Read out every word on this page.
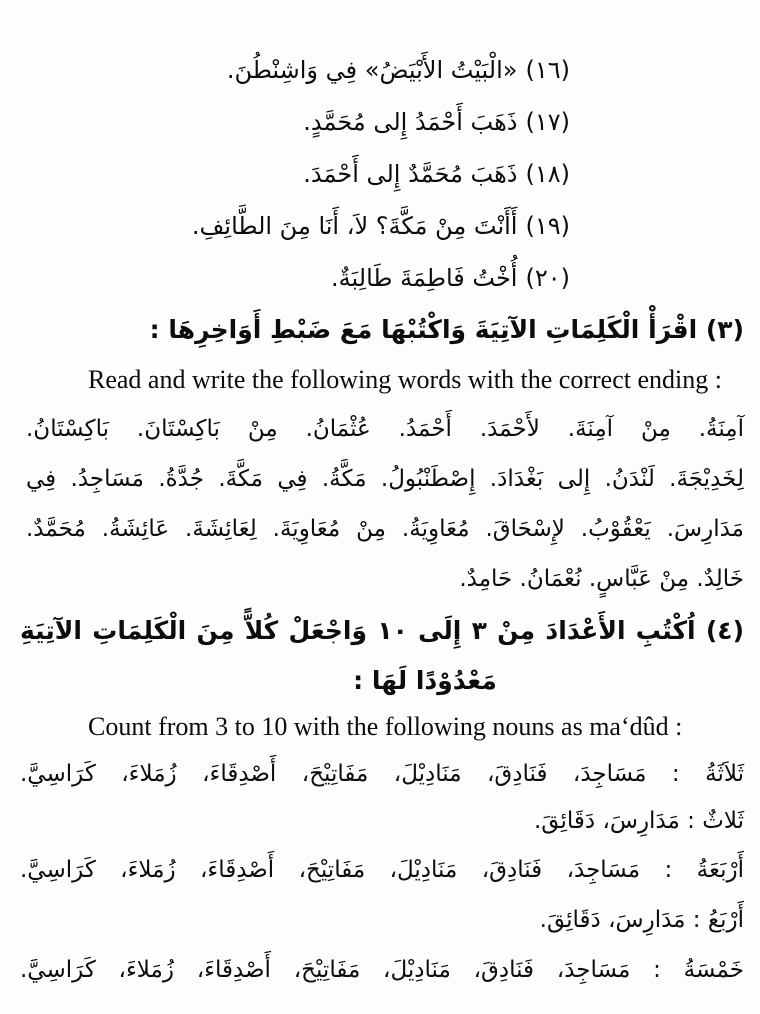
(١٦)«الْبَيْتُ الأَبْيَضُ» فِي وَاشِنْطُنَ.
(١٧)ذَهَبَ أَحْمَدُ إِلى مُحَمَّدٍ.
(١٨)ذَهَبَ مُحَمَّدٌ إِلى أَحْمَدَ.
(١٩)أَأَنْتَ مِنْ مَكَّةَ؟ لاَ، أَنَا مِنَ الطَّائِفِ.
(٢٠)أُخْتُ فَاطِمَةَ طَالِبَةٌ.
(٣) اقْرَأْ الْكَلِمَاتِ الآتِيَةَ وَاكْتُبْهَا مَعَ ضَبْطِ أَوَاخِرِهَا :
Read and write the following words with the correct ending :
آمِنَةُ. مِنْ آمِنَةَ. لأَحْمَدَ. أَحْمَدُ. عُثْمَانُ. مِنْ بَاكِسْتَانَ. بَاكِسْتَانُ.
لِخَدِيْجَةَ. لَنْدَنُ. إِلى بَغْدَادَ. إِصْطَنْبُولُ. مَكَّةُ. فِي مَكَّةَ. جُدَّةُ. مَسَاجِدُ. فِي
مَدَارِسَ. يَعْقُوْبُ. لإِسْحَاقَ. مُعَاوِيَةُ. مِنْ مُعَاوِيَةَ. لِعَائِشَةَ. عَائِشَةُ. مُحَمَّدٌ.
خَالِدٌ. مِنْ عَبَّاسٍ. نُعْمَانُ. حَامِدٌ.
(٤) اُكْتُبِ الأَعْدَادَ مِنْ ٣ إِلَى ١٠ وَاجْعَلْ كُلاًّ مِنَ الْكَلِمَاتِ الآتِيَةِ
مَعْدُوْدًا لَهَا :
Count from 3 to 10 with the following nouns as ma‘dûd :
ثَلاَثَةُ : مَسَاجِدَ، فَنَادِقَ، مَنَادِيْلَ، مَفَاتِيْحَ، أَصْدِقَاءَ، زُمَلاءَ، كَرَاسِيَّ.
ثَلاثٌ : مَدَارِسَ، دَقَائِقَ.
أَرْبَعَةُ : مَسَاجِدَ، فَنَادِقَ، مَنَادِيْلَ، مَفَاتِيْحَ، أَصْدِقَاءَ، زُمَلاءَ، كَرَاسِيَّ.
أَرْبَعُ : مَدَارِسَ، دَقَائِقَ.
خَمْسَةُ : مَسَاجِدَ، فَنَادِقَ، مَنَادِيْلَ، مَفَاتِيْحَ، أَصْدِقَاءَ، زُمَلاءَ، كَرَاسِيَّ.
